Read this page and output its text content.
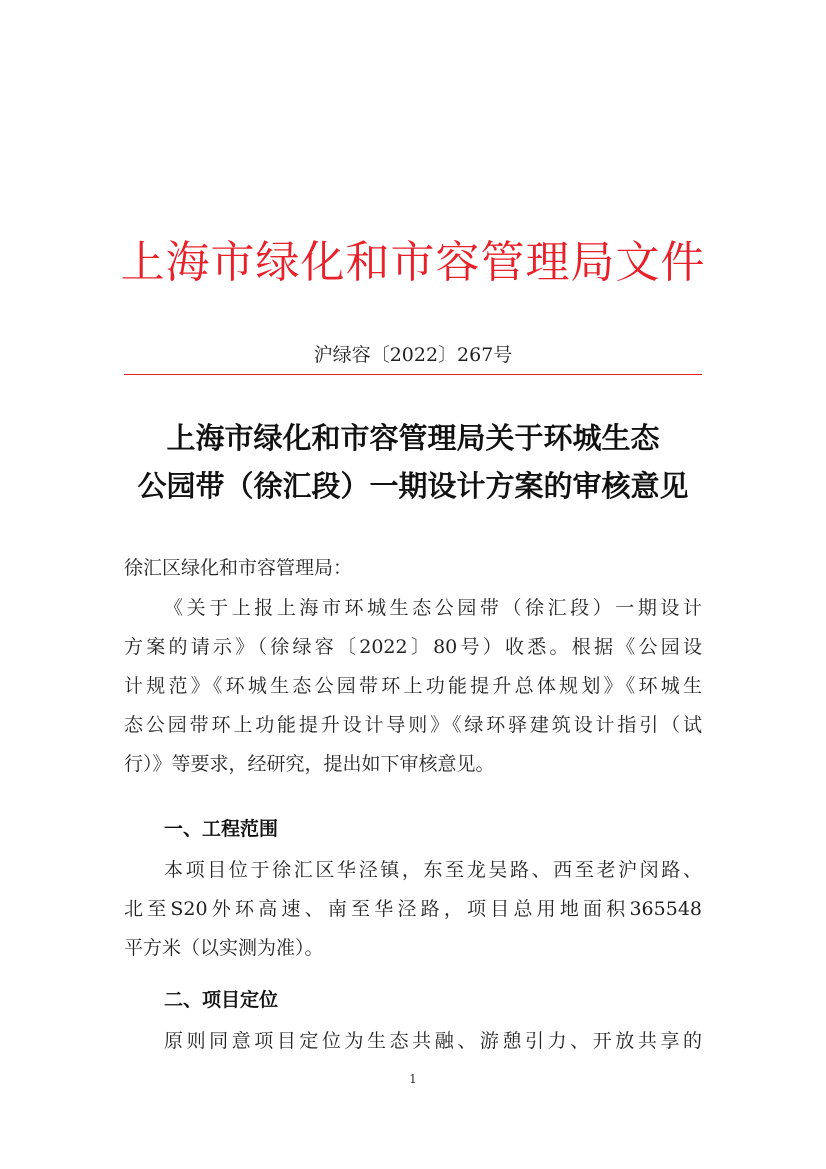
上海市绿化和市容管理局文件
沪绿容〔2022〕267号
上海市绿化和市容管理局关于环城生态
公园带（徐汇段）一期设计方案的审核意见
徐汇区绿化和市容管理局：
《关于上报上海市环城生态公园带（徐汇段）一期设计
方案的请示》（徐绿容〔2022〕80号）收悉。根据《公园设
计规范》《环城生态公园带环上功能提升总体规划》《环城生
态公园带环上功能提升设计导则》《绿环驿建筑设计指引（试
行）》等要求，经研究，提出如下审核意见。
一、工程范围
本项目位于徐汇区华泾镇，东至龙吴路、西至老沪闵路、
北至S20外环高速、南至华泾路，项目总用地面积365548
平方米（以实测为准）。
二、项目定位
原则同意项目定位为生态共融、游憩引力、开放共享的
1
